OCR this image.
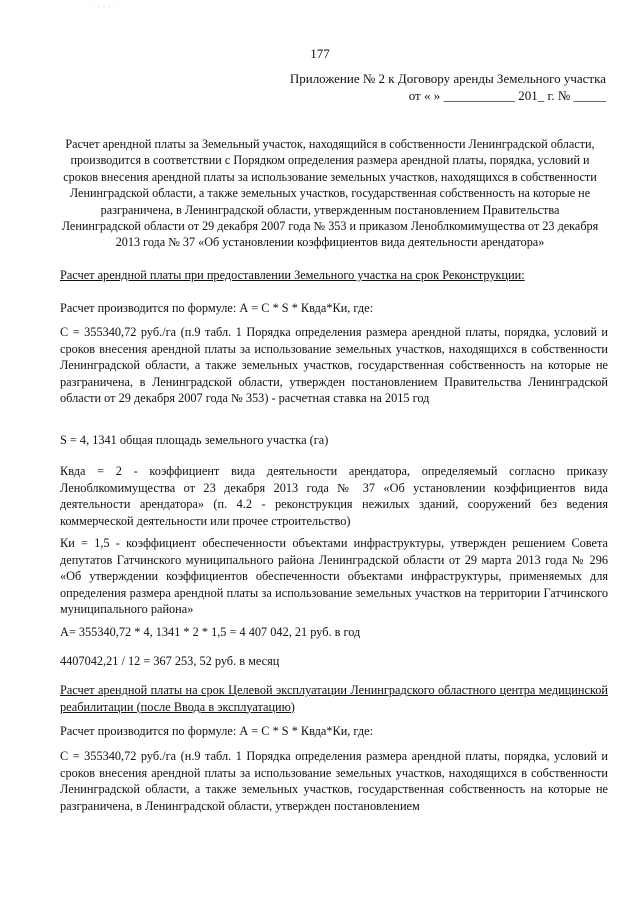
· · · · ·
177
Приложение № 2 к Договору аренды Земельного участка
от « » ___________ 201_ г. № _____
Расчет арендной платы за Земельный участок, находящийся в собственности Ленинградской области, производится в соответствии с Порядком определения размера арендной платы, порядка, условий и сроков внесения арендной платы за использование земельных участков, находящихся в собственности Ленинградской области, а также земельных участков, государственная собственность на которые не разграничена, в Ленинградской области, утвержденным постановлением Правительства Ленинградской области от 29 декабря 2007 года № 353 и приказом Леноблкомимущества от 23 декабря 2013 года № 37 «Об установлении коэффициентов вида деятельности арендатора»
Расчет арендной платы при предоставлении Земельного участка на срок Реконструкции:
Расчет производится по формуле: А = С * S * Квда*Ки, где:
С = 355340,72 руб./га (п.9 табл. 1 Порядка определения размера арендной платы, порядка, условий и сроков внесения арендной платы за использование земельных участков, находящихся в собственности Ленинградской области, а также земельных участков, государственная собственность на которые не разграничена, в Ленинградской области, утвержден постановлением Правительства Ленинградской области от 29 декабря 2007 года № 353) - расчетная ставка на 2015 год
S = 4, 1341 общая площадь земельного участка (га)
Квда = 2 - коэффициент вида деятельности арендатора, определяемый согласно приказу Леноблкомимущества от 23 декабря 2013 года № 37 «Об установлении коэффициентов вида деятельности арендатора» (п. 4.2 - реконструкция нежилых зданий, сооружений без ведения коммерческой деятельности или прочее строительство)
Ки = 1,5 - коэффициент обеспеченности объектами инфраструктуры, утвержден решением Совета депутатов Гатчинского муниципального района Ленинградской области от 29 марта 2013 года № 296 «Об утверждении коэффициентов обеспеченности объектами инфраструктуры, применяемых для определения размера арендной платы за использование земельных участков на территории Гатчинского муниципального района»
А= 355340,72 * 4, 1341 * 2 * 1,5 = 4 407 042, 21 руб. в год
4407042,21 / 12 = 367 253, 52 руб. в месяц
Расчет арендной платы на срок Целевой эксплуатации Ленинградского областного центра медицинской реабилитации (после Ввода в эксплуатацию)
Расчет производится по формуле: А = С * S * Квда*Ки, где:
С = 355340,72 руб./га (н.9 табл. 1 Порядка определения размера арендной платы, порядка, условий и сроков внесения арендной платы за использование земельных участков, находящихся в собственности Ленинградской области, а также земельных участков, государственная собственность на которые не разграничена, в Ленинградской области, утвержден постановлением
